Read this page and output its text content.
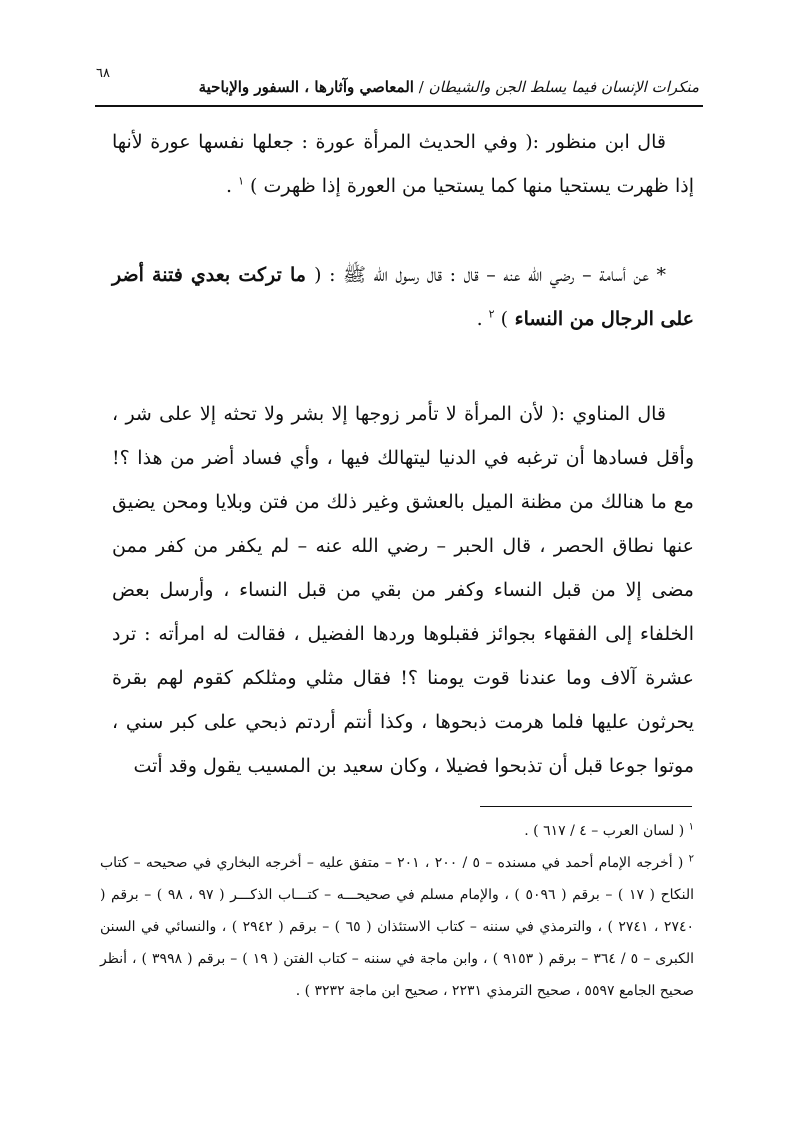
٦٨
منكرات الإنسان فيما يسلط الجن والشيطان / المعاصي وآثارها ، السفور والإباحية

قال ابن منظور :( وفي الحديث المرأة عورة : جعلها نفسها عورة لأنها إذا ظهرت يستحيا منها كما يستحيا من العورة إذا ظهرت ) $^١$ .

* عن أسامة – رضي الله عنه – قال : قال رسول الله ﷺ : ( ما تركت بعدي فتنة أضر على الرجال من النساء ) $^٢$ .

قال المناوي :( لأن المرأة لا تأمر زوجها إلا بشر ولا تحثه إلا على شر ، وأقل فسادها أن ترغبه في الدنيا ليتهالك فيها ، وأي فساد أضر من هذا ؟! مع ما هنالك من مظنة الميل بالعشق وغير ذلك من فتن وبلايا ومحن يضيق عنها نطاق الحصر ، قال الحبر – رضي الله عنه – لم يكفر من كفر ممن مضى إلا من قبل النساء وكفر من بقي من قبل النساء ، وأرسل بعض الخلفاء إلى الفقهاء بجوائز فقبلوها وردها الفضيل ، فقالت له امرأته : ترد عشرة آلاف وما عندنا قوت يومنا ؟! فقال مثلي ومثلكم كقوم لهم بقرة يحرثون عليها فلما هرمت ذبحوها ، وكذا أنتم أردتم ذبحي على كبر سني ، موتوا جوعا قبل أن تذبحوا فضيلا ، وكان سعيد بن المسيب يقول وقد أتت

$^١$ ( لسان العرب – ٤ / ٦١٧ ) .

$^٢$ ( أخرجه الإمام أحمد في مسنده – ٥ / ٢٠٠ ، ٢٠١ – متفق عليه – أخرجه البخاري في صحيحه – كتاب النكاح ( ١٧ ) – برقم ( ٥٠٩٦ ) ، والإمام مسلم في صحيحـــه – كتـــاب الذكـــر ( ٩٧ ، ٩٨ ) – برقم ( ٢٧٤٠ ، ٢٧٤١ ) ، والترمذي في سننه – كتاب الاستئذان ( ٦٥ ) – برقم ( ٢٩٤٢ ) ، والنسائي في السنن الكبرى – ٥ / ٣٦٤ – برقم ( ٩١٥٣ ) ، وابن ماجة في سننه – كتاب الفتن ( ١٩ ) – برقم ( ٣٩٩٨ ) ، أنظر صحيح الجامع ٥٥٩٧ ، صحيح الترمذي ٢٢٣١ ، صحيح ابن ماجة ٣٢٣٢ ) .
